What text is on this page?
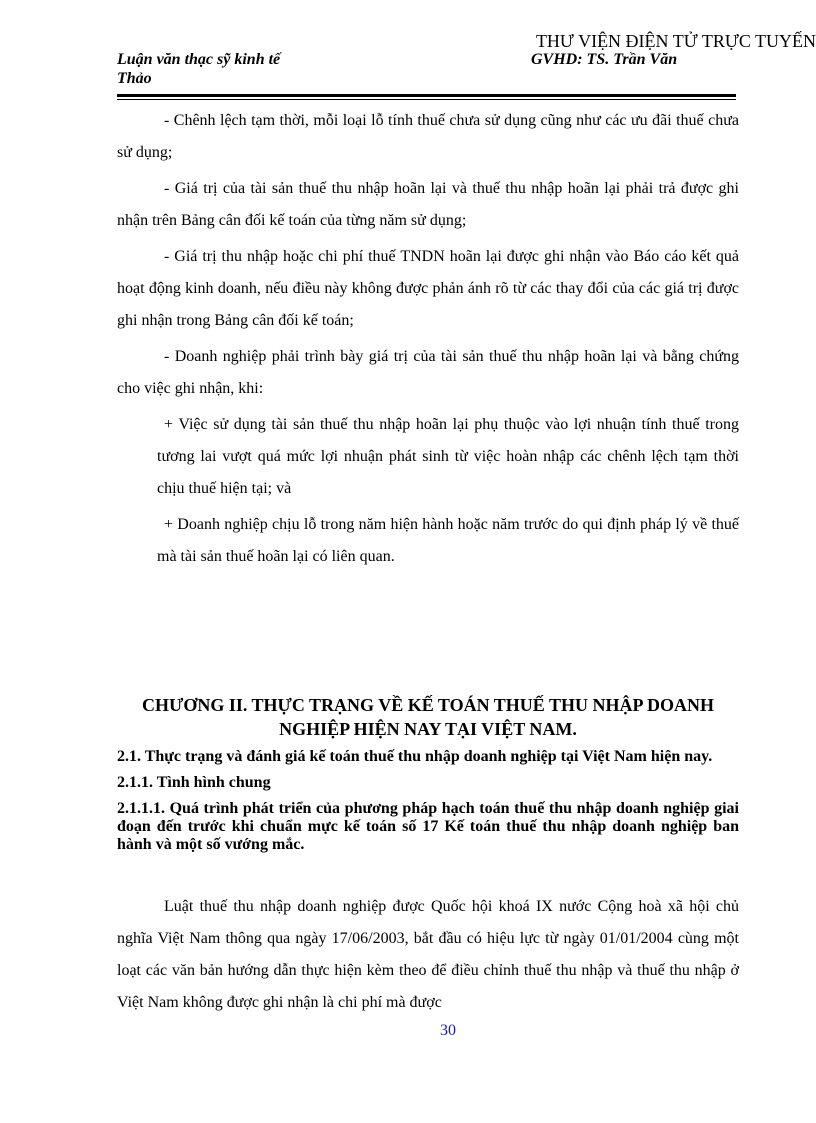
THƯ VIỆN ĐIỆN TỬ TRỰC TUYẾN
Luận văn thạc sỹ kinh tế
Thảo
GVHD: TS. Trần Văn

- Chênh lệch tạm thời, mỗi loại lỗ tính thuế chưa sử dụng cũng như các ưu đãi thuế chưa sử dụng;

- Giá trị của tài sản thuế thu nhập hoãn lại và thuế thu nhập hoãn lại phải trả được ghi nhận trên Bảng cân đối kế toán của từng năm sử dụng;

- Giá trị thu nhập hoặc chi phí thuế TNDN hoãn lại được ghi nhận vào Báo cáo kết quả hoạt động kinh doanh, nếu điều này không được phản ánh rõ từ các thay đổi của các giá trị được ghi nhận trong Bảng cân đối kế toán;

- Doanh nghiệp phải trình bày giá trị của tài sản thuế thu nhập hoãn lại và bằng chứng cho việc ghi nhận, khi:

+ Việc sử dụng tài sản thuế thu nhập hoãn lại phụ thuộc vào lợi nhuận tính thuế trong tương lai vượt quá mức lợi nhuận phát sinh từ việc hoàn nhập các chênh lệch tạm thời chịu thuế hiện tại; và

+ Doanh nghiệp chịu lỗ trong năm hiện hành hoặc năm trước do qui định pháp lý về thuế mà tài sản thuế hoãn lại có liên quan.

CHƯƠNG II. THỰC TRẠNG VỀ KẾ TOÁN THUẾ THU NHẬP DOANH
NGHIỆP HIỆN NAY TẠI VIỆT NAM.

2.1. Thực trạng và đánh giá kế toán thuế thu nhập doanh nghiệp tại Việt Nam hiện nay.

2.1.1. Tình hình chung

2.1.1.1. Quá trình phát triển của phương pháp hạch toán thuế thu nhập doanh nghiệp giai đoạn đến trước khi chuẩn mực kế toán số 17 Kế toán thuế thu nhập doanh nghiệp ban hành và một số vướng mắc.

Luật thuế thu nhập doanh nghiệp được Quốc hội khoá IX nước Cộng hoà xã hội chủ nghĩa Việt Nam thông qua ngày 17/06/2003, bắt đầu có hiệu lực từ ngày 01/01/2004 cùng một loạt các văn bản hướng dẫn thực hiện kèm theo để điều chỉnh thuế thu nhập và thuế thu nhập ở Việt Nam không được ghi nhận là chi phí mà được

30
